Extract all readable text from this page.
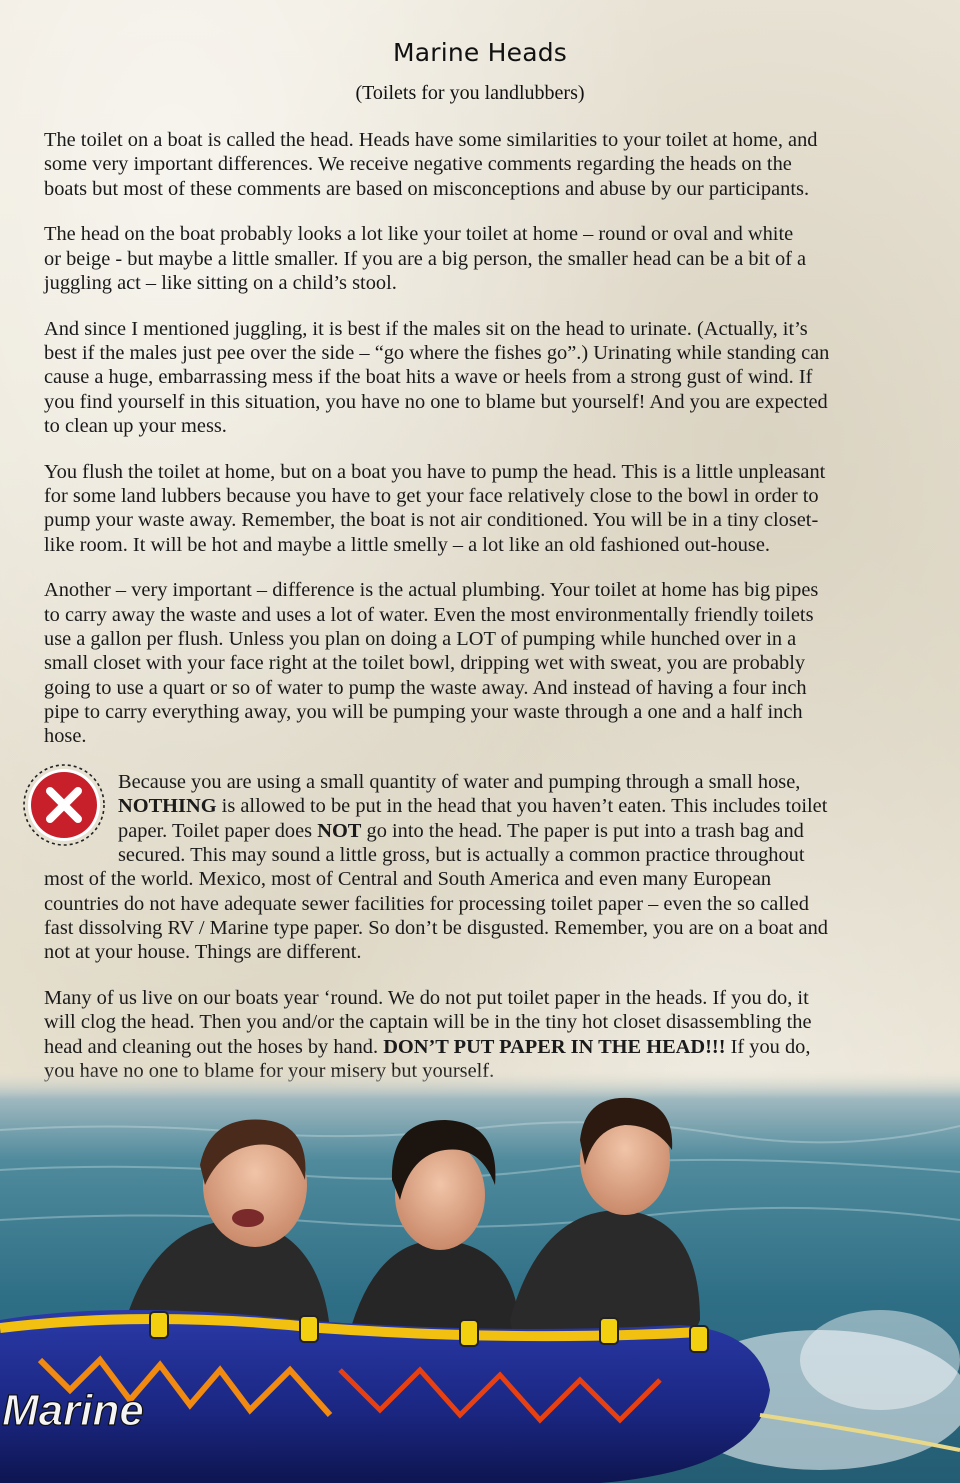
Marine Heads
(Toilets for you landlubbers)

The toilet on a boat is called the head. Heads have some similarities to your toilet at home, and
some very important differences. We receive negative comments regarding the heads on the
boats but most of these comments are based on misconceptions and abuse by our participants.

The head on the boat probably looks a lot like your toilet at home – round or oval and white
or beige - but maybe a little smaller. If you are a big person, the smaller head can be a bit of a
juggling act – like sitting on a child’s stool.

And since I mentioned juggling, it is best if the males sit on the head to urinate. (Actually, it’s
best if the males just pee over the side – “go where the fishes go”.) Urinating while standing can
cause a huge, embarrassing mess if the boat hits a wave or heels from a strong gust of wind. If
you find yourself in this situation, you have no one to blame but yourself! And you are expected
to clean up your mess.

You flush the toilet at home, but on a boat you have to pump the head. This is a little unpleasant
for some land lubbers because you have to get your face relatively close to the bowl in order to
pump your waste away. Remember, the boat is not air conditioned. You will be in a tiny closet-
like room. It will be hot and maybe a little smelly – a lot like an old fashioned out-house.

Another – very important – difference is the actual plumbing. Your toilet at home has big pipes
to carry away the waste and uses a lot of water. Even the most environmentally friendly toilets
use a gallon per flush. Unless you plan on doing a LOT of pumping while hunched over in a
small closet with your face right at the toilet bowl, dripping wet with sweat, you are probably
going to use a quart or so of water to pump the waste away. And instead of having a four inch
pipe to carry everything away, you will be pumping your waste through a one and a half inch
hose.

Because you are using a small quantity of water and pumping through a small hose,
NOTHING is allowed to be put in the head that you haven’t eaten. This includes toilet
paper. Toilet paper does NOT go into the head. The paper is put into a trash bag and
secured. This may sound a little gross, but is actually a common practice throughout
most of the world. Mexico, most of Central and South America and even many European
countries do not have adequate sewer facilities for processing toilet paper – even the so called
fast dissolving RV / Marine type paper. So don’t be disgusted. Remember, you are on a boat and
not at your house. Things are different.

Many of us live on our boats year ‘round. We do not put toilet paper in the heads. If you do, it
will clog the head. Then you and/or the captain will be in the tiny hot closet disassembling the
head and cleaning out the hoses by hand. DON’T PUT PAPER IN THE HEAD!!! If you do,

Marine
